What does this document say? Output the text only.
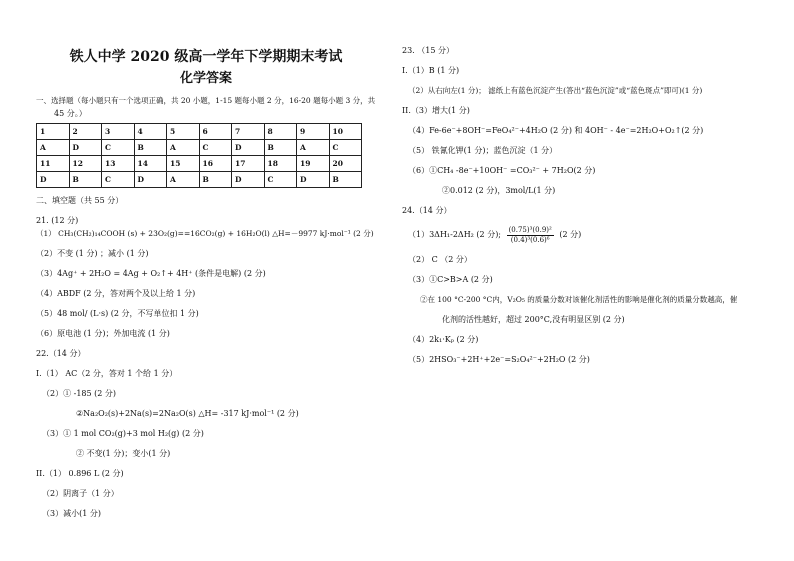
铁人中学 2020 级高一学年下学期期末考试

化学答案

一、选择题（每小题只有一个选项正确，共 20 小题，1-15 题每小题 2 分，16-20 题每小题 3 分，共

45 分。）

1	2	3	4	5	6	7	8	9	10
A	D	C	B	A	C	D	B	A	C
11	12	13	14	15	16	17	18	19	20
D	B	C	D	A	B	D	C	D	B

二、填空题（共 55 分）

21. (12 分)

（1） CH₃(CH₂)₁₄COOH (s) + 23O₂(g)==16CO₂(g) + 16H₂O(l) △H=－9977 kJ·mol⁻¹ (2 分)

（2）不变 (1 分) ；减小 (1 分)

（3）4Ag⁺ + 2H₂O = 4Ag + O₂↑+ 4H⁺ (条件是电解) (2 分)

（4）ABDF (2 分，答对两个及以上给 1 分)

（5）48 mol/ (L·s) (2 分，不写单位扣 1 分)

（6）原电池 (1 分)；外加电流 (1 分)

22.（14 分）

I.（1） AC（2 分，答对 1 个给 1 分）

（2）① -185 (2 分)

②Na₂O₂(s)+2Na(s)=2Na₂O(s) △H= -317 kJ·mol⁻¹ (2 分)

（3）① 1 mol CO₂(g)+3 mol H₂(g) (2 分)

② 不变(1 分)；变小(1 分)

II.（1） 0.896 L (2 分)

（2）阴离子（1 分）

（3）减小(1 分)

23. （15 分）

I.（1）B (1 分)

（2）从右向左(1 分)； 滤纸上有蓝色沉淀产生(答出“蓝色沉淀”或“蓝色斑点”即可)(1 分)

II.（3）增大(1 分)

（4）Fe-6e⁻+8OH⁻=FeO₄²⁻+4H₂O (2 分) 和 4OH⁻ - 4e⁻=2H₂O+O₂↑(2 分)

（5） 铁氰化钾(1 分)；蓝色沉淀（1 分）

（6）①CH₄ -8e⁻+10OH⁻ =CO₃²⁻ + 7H₂O(2 分)

②0.012 (2 分)，3mol/L(1 分)

24.（14 分）

（1）3ΔH₁-2ΔH₂ (2 分); $\frac{\text{(0.75)³(0.9)²}}{\text{(0.4)³(0.6)⁶}} (2$ 分)

（2） C （2 分）

（3）①C>B>A (2 分)

②在 100 °C-200 °C内，V₂O₅ 的质量分数对该催化剂活性的影响是催化剂的质量分数越高，催

化剂的活性越好，超过 200°C,没有明显区别 (2 分)

（4）2k₁·Kₚ (2 分)

（5）2HSO₃⁻+2H⁺+2e⁻=S₂O₄²⁻+2H₂O (2 分)
